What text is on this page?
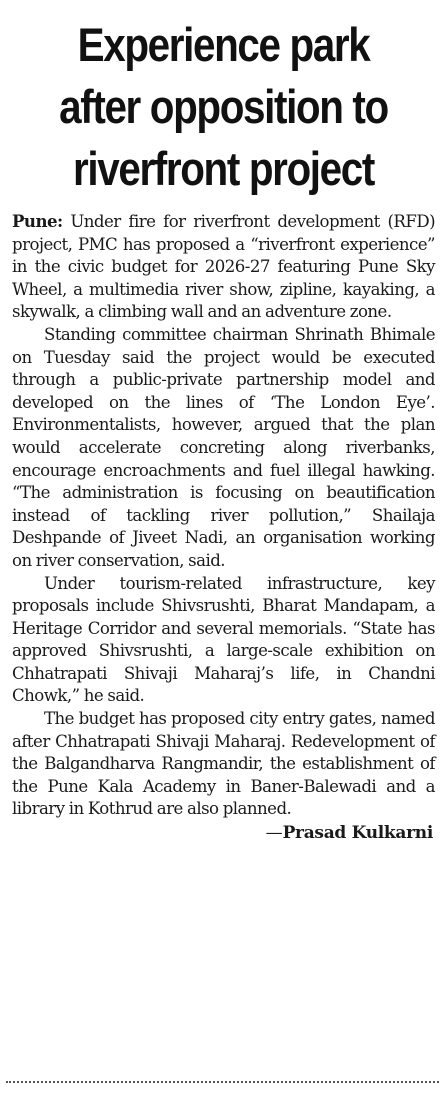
Experience park
after opposition to
riverfront project

Pune: Under fire for riverfront development (RFD) project, PMC has proposed a “riverfront experience” in the civic budget for 2026-27 featuring Pune Sky Wheel, a multimedia river show, zipline, kayaking, a skywalk, a climbing wall and an adventure zone.

Standing committee chairman Shrinath Bhimale on Tuesday said the project would be executed through a public-private partnership model and developed on the lines of ‘The London Eye’. Environmentalists, however, argued that the plan would accelerate concreting along riverbanks, encourage encroachments and fuel illegal hawking. “The administration is focusing on beautification instead of tackling river pollution,” Shailaja Deshpande of Jiveet Nadi, an organisation working on river conservation, said.

Under tourism-related infrastructure, key proposals include Shivsrushti, Bharat Mandapam, a Heritage Corridor and several memorials. “State has approved Shivsrushti, a large-scale exhibition on Chhatrapati Shivaji Maharaj’s life, in Chandni Chowk,” he said.

The budget has proposed city entry gates, named after Chhatrapati Shivaji Maharaj. Redevelopment of the Balgandharva Rangmandir, the establishment of the Pune Kala Academy in Baner-Balewadi and a library in Kothrud are also planned.

—Prasad Kulkarni
